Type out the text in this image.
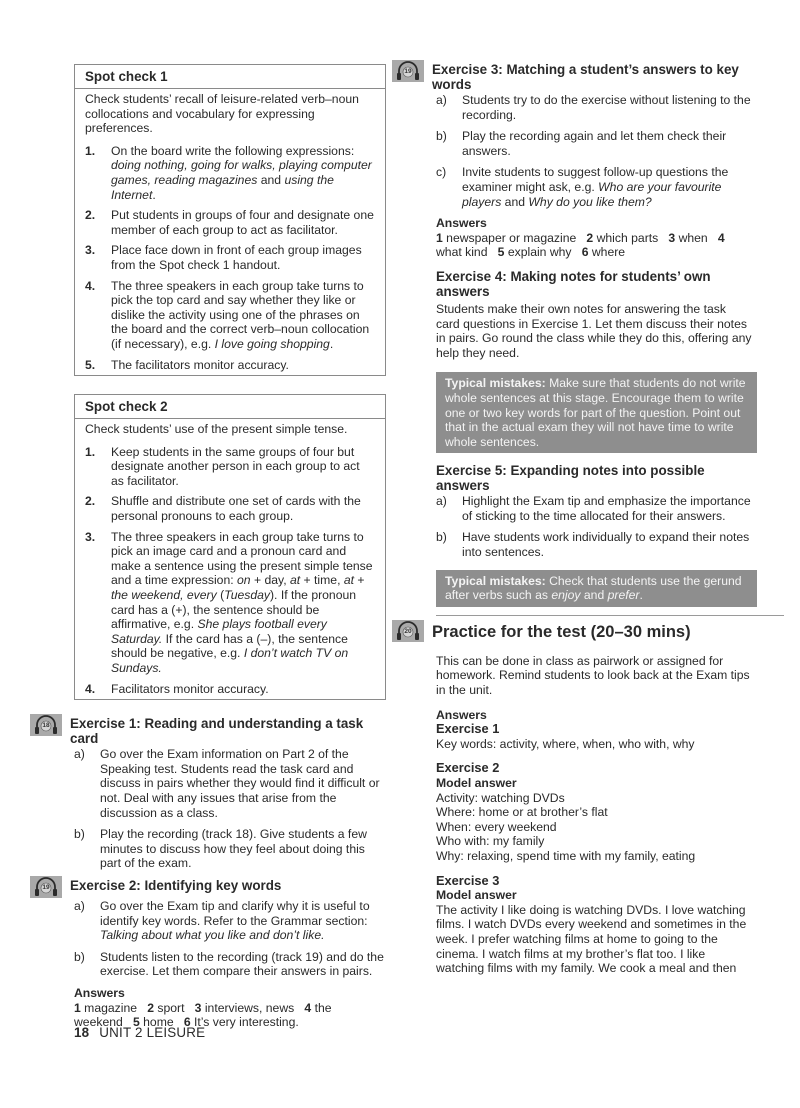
Spot check 1
Check students’ recall of leisure-related verb–noun collocations and vocabulary for expressing preferences.
1.	On the board write the following expressions: doing nothing, going for walks, playing computer games, reading magazines and using the Internet.
2.	Put students in groups of four and designate one member of each group to act as facilitator.
3.	Place face down in front of each group images from the Spot check 1 handout.
4.	The three speakers in each group take turns to pick the top card and say whether they like or dislike the activity using one of the phrases on the board and the correct verb–noun collocation (if necessary), e.g. I love going shopping.
5.	The facilitators monitor accuracy.
Spot check 2
Check students’ use of the present simple tense.
1.	Keep students in the same groups of four but designate another person in each group to act as facilitator.
2.	Shuffle and distribute one set of cards with the personal pronouns to each group.
3.	The three speakers in each group take turns to pick an image card and a pronoun card and make a sentence using the present simple tense and a time expression: on + day, at + time, at + the weekend, every (Tuesday). If the pronoun card has a (+), the sentence should be affirmative, e.g. She plays football every Saturday. If the card has a (–), the sentence should be negative, e.g. I don’t watch TV on Sundays.
4.	Facilitators monitor accuracy.
18	Exercise 1: Reading and understanding a task card
a)	Go over the Exam information on Part 2 of the Speaking test. Students read the task card and discuss in pairs whether they would find it difficult or not. Deal with any issues that arise from the discussion as a class.
b)	Play the recording (track 18). Give students a few minutes to discuss how they feel about doing this part of the exam.
19	Exercise 2: Identifying key words
a)	Go over the Exam tip and clarify why it is useful to identify key words. Refer to the Grammar section: Talking about what you like and don’t like.
b)	Students listen to the recording (track 19) and do the exercise. Let them compare their answers in pairs.
Answers
1 magazine 2 sport 3 interviews, news 4 the weekend 5 home 6 It’s very interesting.
19	Exercise 3: Matching a student’s answers to key words
a)	Students try to do the exercise without listening to the recording.
b)	Play the recording again and let them check their answers.
c)	Invite students to suggest follow-up questions the examiner might ask, e.g. Who are your favourite players and Why do you like them?
Answers
1 newspaper or magazine 2 which parts 3 when 4 what kind 5 explain why 6 where
Exercise 4: Making notes for students’ own answers

Students make their own notes for answering the task card questions in Exercise 1. Let them discuss their notes in pairs. Go round the class while they do this, offering any help they need.

Typical mistakes: Make sure that students do not write whole sentences at this stage. Encourage them to write one or two key words for part of the question. Point out that in the actual exam they will not have time to write whole sentences.
Exercise 5: Expanding notes into possible answers
a)	Highlight the Exam tip and emphasize the importance of sticking to the time allocated for their answers.
b)	Have students work individually to expand their notes into sentences.
Typical mistakes: Check that students use the gerund after verbs such as enjoy and prefer.
20	Practice for the test (20–30 mins)

This can be done in class as pairwork or assigned for homework. Remind students to look back at the Exam tips in the unit.

Answers
Exercise 1
Key words: activity, where, when, who with, why
Exercise 2
Model answer
Activity: watching DVDs
Where: home or at brother’s flat
When: every weekend
Who with: my family
Why: relaxing, spend time with my family, eating
Exercise 3
Model answer
The activity I like doing is watching DVDs. I love watching films. I watch DVDs every weekend and sometimes in the week. I prefer watching films at home to going to the cinema. I watch films at my brother’s flat too. I like watching films with my family. We cook a meal and then
18 UNIT 2 LEISURE
